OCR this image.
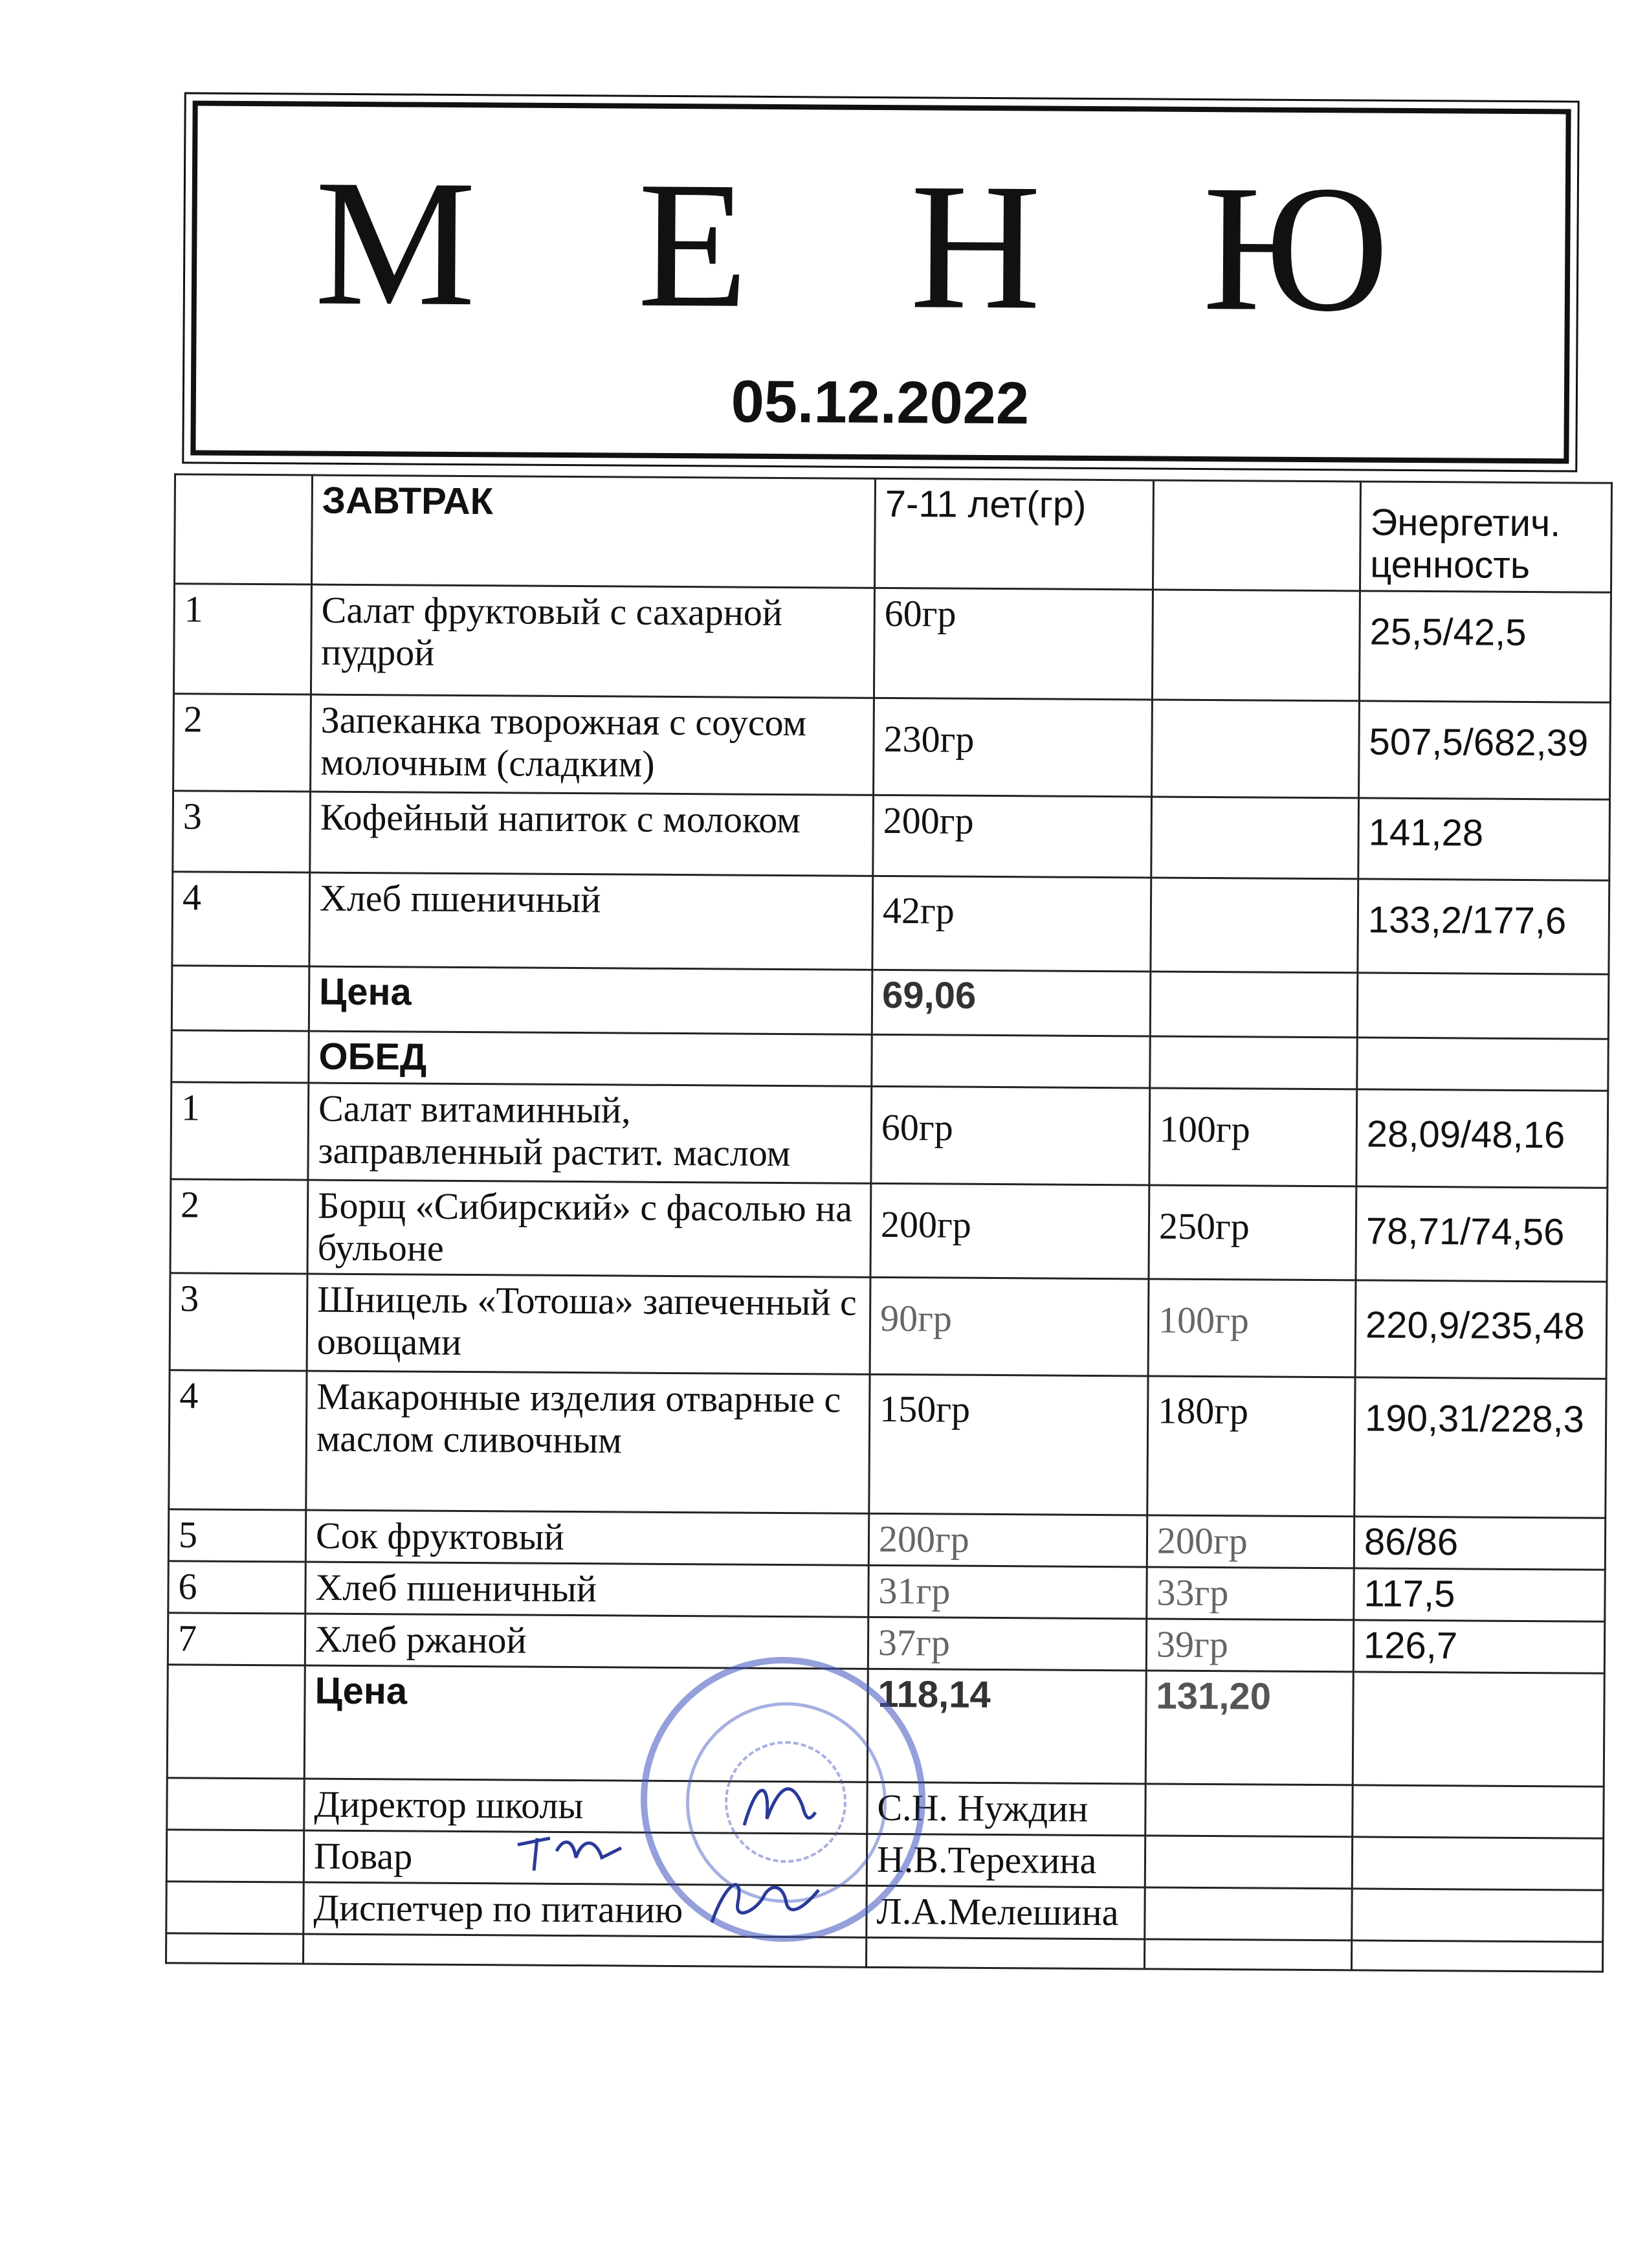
М Е Н Ю
05.12.2022
	ЗАВТРАК	7-11 лет(гр)		Энергетич. ценность
1	Салат фруктовый с сахарной пудрой	60гр		25,5/42,5
2	Запеканка творожная с соусом молочным (сладким)	230гр		507,5/682,39
3	Кофейный напиток с молоком	200гр		141,28
4	Хлеб пшеничный	42гр		133,2/177,6
	Цена	69,06		
	ОБЕД			
1	Салат витаминный, заправленный растит. маслом	60гр	100гр	28,09/48,16
2	Борщ «Сибирский» с фасолью на бульоне	200гр	250гр	78,71/74,56
3	Шницель «Тотоша» запеченный с овощами	90гр	100гр	220,9/235,48
4	Макаронные изделия отварные с маслом сливочным	150гр	180гр	190,31/228,3
5	Сок фруктовый	200гр	200гр	86/86
6	Хлеб пшеничный	31гр	33гр	117,5
7	Хлеб ржаной	37гр	39гр	126,7
	Цена	118,14	131,20	
	Директор школы	С.Н. Нуждин		
	Повар	Н.В.Терехина		
	Диспетчер по питанию	Л.А.Мелешина		
